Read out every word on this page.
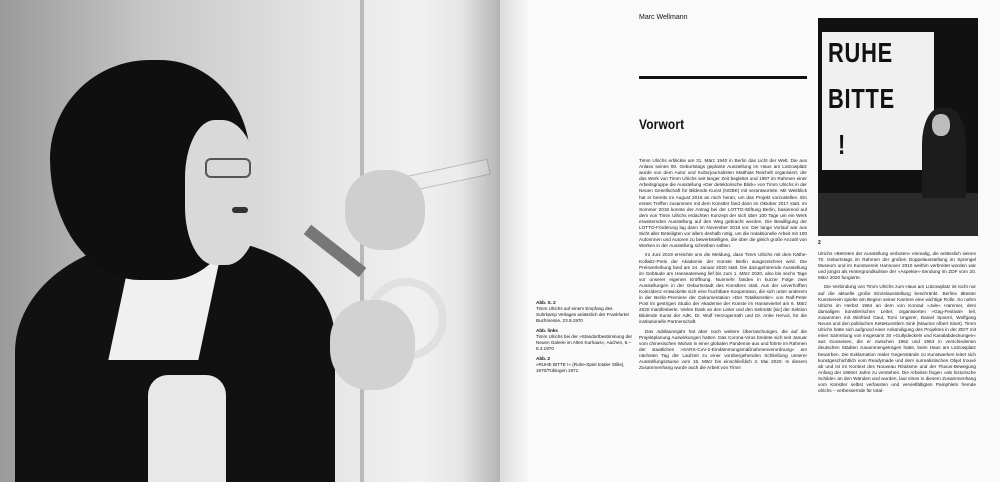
Marc Wellmann
Vorwort
Abb. S. 2
Timm Ulrichs auf einem Empfang des Suhrkamp Verlages anlässlich der Frankfurter Buchmesse, 23.9.1970
Abb. links
Timm Ulrichs bei der »Standortbestimmung der Neuen Galerie im Alten Kurhaus«, Aachen, 6.–8.3.1970
Abb. 2
»RUHE BITTE !« (Ruhe-Spiel totaler Stille), 1970/Tübingen 1971

Timm Ulrichs erblickte am 31. März 1940 in Berlin das Licht der Welt. Die aus Anlass seines 80. Geburtstags geplante Ausstellung im Haus am Lützowplatz wurde von dem Autor und Kulturjournalisten Matthias Reichelt organisiert, der das Werk von Timm Ulrichs seit langer Zeit begleitet und 1997 im Rahmen einer Arbeitsgruppe die Ausstellung »Der detektorische Blick« von Timm Ulrichs in der Neuen Gesellschaft für Bildende Kunst (NGBK) mit verantwortete. Mit Weitblick hat er bereits im August 2016 an mich heran, um das Projekt vorzustellen. Ein erstes Treffen zusammen mit dem Künstler fand dann im Oktober 2017 statt. Im Sommer 2018 konnte der Antrag bei der LOTTO-Stiftung Berlin, basierend auf dem von Timm Ulrichs erdachten Konzept der sich über 100 Tage um ein Werk erweiternden Ausstellung auf den Weg gebracht werden. Die Bewilligung der LOTTO-Förderung lag dann im November 2018 vor. Der lange Vorlauf war aus Sicht aller Beteiligten vor allem deshalb nötig, um die redaktionelle Arbeit mit 100 Autorinnen und Autoren zu bewerkstelligen, die über die gleich große Anzahl von Werken in der Ausstellung schreiben sollten.

Im Juni 2019 erreichte uns die Meldung, dass Timm Ulrichs mit dem Käthe-Kollwitz-Preis der Akademie der Künste Berlin ausgezeichnet wird. Die Preisverleihung fand am 24. Januar 2020 statt. Die dazugehörende Ausstellung im Gebäude am Hanseatenweg lief bis zum 1. März 2020, also bis sechs Tage vor unserer eigenen Eröffnung. Nunmehr fanden in kurzer Folge zwei Ausstellungen in der Geburtsstadt des Künstlers statt. Aus der unverhofften Koinzidenz entwickelte sich eine fruchtbare Kooperation, die sich unter anderem in der Berlin-Premiere der Dokumentation »Der Totalkünstler« von Ralf-Peter Post im gestrigen Studio der Akademie der Künste im Hanseviertel am 6. März 2020 manifestierte. Vielen Dank an den Leiter und den Sekretär [sic] der Sektion Bildende Kunst der AdK, Dr. Wulf Herzogenrath und Dr. Anke Hervol, für die institutionelle Partnerschaft.

Das Jubiläumsjahr hat aber noch weitere Überraschungen, die auf die Projektplanung Auswirkungen hatten. Das Corona-Virus breitete sich seit Januar vom chinesischen Wuhan in einer globalen Pandemie aus und führte im Rahmen der staatlichen »SARS-CoV-2-Eindämmungsmaßnahmenverordnung« am nächsten Tag der Laufzeit zu einer vorübergehenden Schließung unserer Ausstellungsräume vom 16. März bis einschließlich 3. Mai 2020. In diesem Zusammenhang wurde auch die Arbeit von Timm

RUHE
BITTE
!
2

Ulrichs »Betreten der Ausstellung verboten« einmalig, die anlässlich seines 70. Geburtstags im Rahmen der großen Doppelausstellung im Sprengel Museum und im Kunstverein Hannover 2010 weithin verbreitet worden war und jüngst als Hintergrundkulisse der »Aspekte«-Sendung im ZDF vom 20. März 2020 fungierte.

Die Verbindung von Timm Ulrichs zum Haus am Lützowplatz ist nicht nur auf die aktuelle große Einzelausstellung beschränkt. Berlins ältester Kunstverein spielte am Beginn seiner Karriere eine wichtige Rolle. So nahm Ulrichs im Herbst 1964 an dem von Konrad »Jule« Hammer, dem damaligen künstlerischen Leiter, organisierten »Gag-Festival« teil, zusammen mit Winfried Gaul, Tomi Ungerer, Daniel Spoerri, Wolfgang Neuss und den politischen Kettekunstlern Sinè (Maurice Albert Sinet). Timm Ulrichs hatte sich aufgrund einer Ankündigung des Projektes in der ZEIT mit einer Sammlung von insgesamt 30 »Gullydeckeln und Kanalabdeckungen« aus Gusseisen, die er zwischen 1962 und 1963 in verschiedenen deutschen Städten zusammengetragen hatte, beim Haus am Lützowplatz beworben. Die Exklamation realer Gegenstände zu Kunstwerken leitet sich kunstgeschichtlich vom Readymade und dem surrealistischen Objet trouvé ab und ist im Kontext des Nouveau Réalisme und der Fluxus-Bewegung Anfang der 1960er Jahre zu verstehen. Die Arbeiten fingen »als historische Schilde« an den Wänden und wurden, laut eines in diesem Zusammenhang vom Künstler selbst verfassten und vervielfältigten Pamphlets fremde ulrichs – verbessernde für total-
